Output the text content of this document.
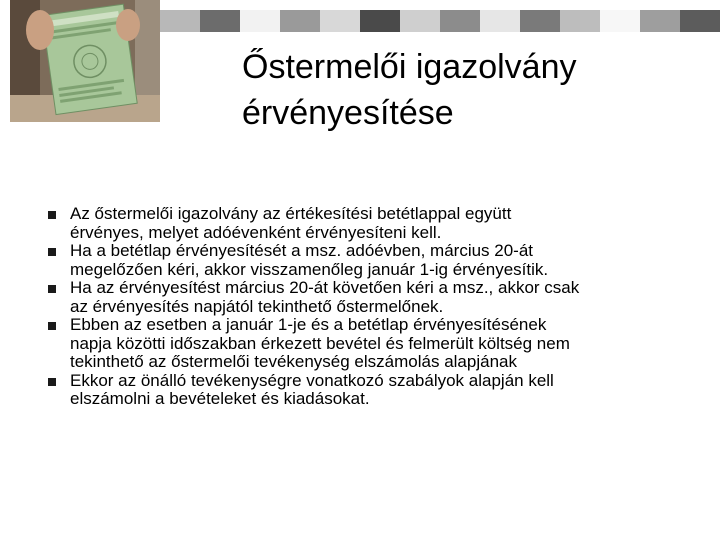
Őstermelői igazolvány
érvényesítése
Az őstermelői igazolvány az értékesítési betétlappal együtt
érvényes, melyet adóévenként érvényesíteni kell.
Ha a betétlap érvényesítését a msz. adóévben, március 20-át
megelőzően kéri, akkor visszamenőleg január 1-ig érvényesítik.
Ha az érvényesítést március 20-át követően kéri a msz., akkor csak
az érvényesítés napjától tekinthető őstermelőnek.
Ebben az esetben a január 1-je és a betétlap érvényesítésének
napja közötti időszakban érkezett bevétel és felmerült költség nem
tekinthető az őstermelői tevékenység elszámolás alapjának
Ekkor az önálló tevékenységre vonatkozó szabályok alapján kell
elszámolni a bevételeket és kiadásokat.
